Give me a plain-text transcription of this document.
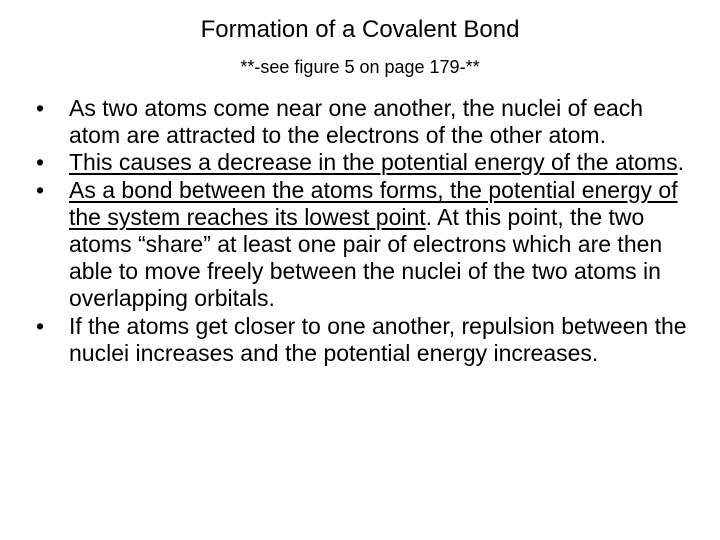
Formation of a Covalent Bond

**-see figure 5 on page 179-**

• As two atoms come near one another, the nuclei of each atom are attracted to the electrons of the other atom.
• This causes a decrease in the potential energy of the atoms.
• As a bond between the atoms forms, the potential energy of the system reaches its lowest point. At this point, the two atoms “share” at least one pair of electrons which are then able to move freely between the nuclei of the two atoms in overlapping orbitals.
• If the atoms get closer to one another, repulsion between the nuclei increases and the potential energy increases.
